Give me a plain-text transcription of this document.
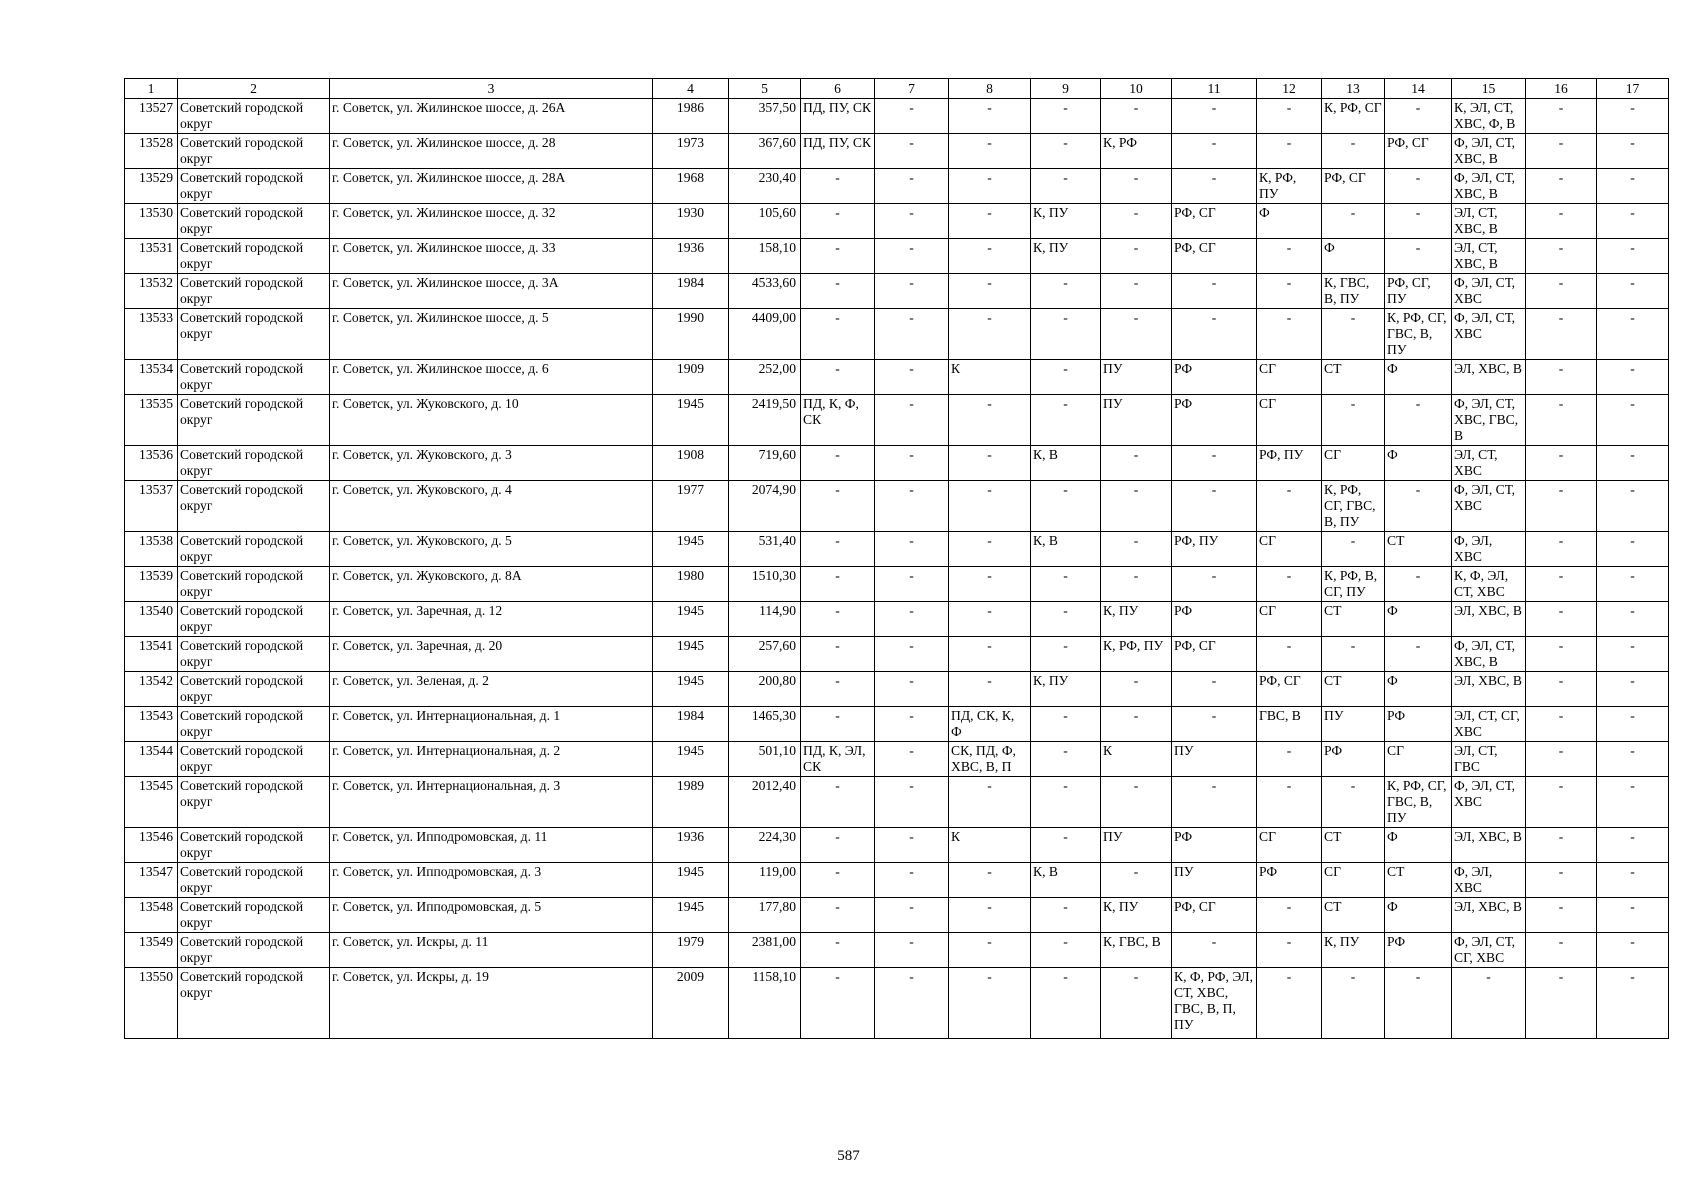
1	2	3	4	5	6	7	8	9	10	11	12	13	14	15	16	17
13527	Советский городской округ	г. Советск, ул. Жилинское шоссе, д. 26А	1986	357,50	ПД, ПУ, СК	-	-	-	-	-	-	К, РФ, СГ	-	К, ЭЛ, СТ, ХВС, Ф, В	-	-
13528	Советский городской округ	г. Советск, ул. Жилинское шоссе, д. 28	1973	367,60	ПД, ПУ, СК	-	-	-	К, РФ	-	-	-	РФ, СГ	Ф, ЭЛ, СТ, ХВС, В	-	-
13529	Советский городской округ	г. Советск, ул. Жилинское шоссе, д. 28А	1968	230,40	-	-	-	-	-	-	К, РФ, ПУ	РФ, СГ	-	Ф, ЭЛ, СТ, ХВС, В	-	-
13530	Советский городской округ	г. Советск, ул. Жилинское шоссе, д. 32	1930	105,60	-	-	-	К, ПУ	-	РФ, СГ	Ф	-	-	ЭЛ, СТ, ХВС, В	-	-
13531	Советский городской округ	г. Советск, ул. Жилинское шоссе, д. 33	1936	158,10	-	-	-	К, ПУ	-	РФ, СГ	-	Ф	-	ЭЛ, СТ, ХВС, В	-	-
13532	Советский городской округ	г. Советск, ул. Жилинское шоссе, д. 3А	1984	4533,60	-	-	-	-	-	-	-	К, ГВС, В, ПУ	РФ, СГ, ПУ	Ф, ЭЛ, СТ, ХВС	-	-
13533	Советский городской округ	г. Советск, ул. Жилинское шоссе, д. 5	1990	4409,00	-	-	-	-	-	-	-	-	К, РФ, СГ, ГВС, В, ПУ	Ф, ЭЛ, СТ, ХВС	-	-
13534	Советский городской округ	г. Советск, ул. Жилинское шоссе, д. 6	1909	252,00	-	-	К	-	ПУ	РФ	СГ	СТ	Ф	ЭЛ, ХВС, В	-	-
13535	Советский городской округ	г. Советск, ул. Жуковского, д. 10	1945	2419,50	ПД, К, Ф, СК	-	-	-	ПУ	РФ	СГ	-	-	Ф, ЭЛ, СТ, ХВС, ГВС, В	-	-
13536	Советский городской округ	г. Советск, ул. Жуковского, д. 3	1908	719,60	-	-	-	К, В	-	-	РФ, ПУ	СГ	Ф	ЭЛ, СТ, ХВС	-	-
13537	Советский городской округ	г. Советск, ул. Жуковского, д. 4	1977	2074,90	-	-	-	-	-	-	-	К, РФ, СГ, ГВС, В, ПУ	-	Ф, ЭЛ, СТ, ХВС	-	-
13538	Советский городской округ	г. Советск, ул. Жуковского, д. 5	1945	531,40	-	-	-	К, В	-	РФ, ПУ	СГ	-	СТ	Ф, ЭЛ, ХВС	-	-
13539	Советский городской округ	г. Советск, ул. Жуковского, д. 8А	1980	1510,30	-	-	-	-	-	-	-	К, РФ, В, СГ, ПУ	-	К, Ф, ЭЛ, СТ, ХВС	-	-
13540	Советский городской округ	г. Советск, ул. Заречная, д. 12	1945	114,90	-	-	-	-	К, ПУ	РФ	СГ	СТ	Ф	ЭЛ, ХВС, В	-	-
13541	Советский городской округ	г. Советск, ул. Заречная, д. 20	1945	257,60	-	-	-	-	К, РФ, ПУ	РФ, СГ	-	-	-	Ф, ЭЛ, СТ, ХВС, В	-	-
13542	Советский городской округ	г. Советск, ул. Зеленая, д. 2	1945	200,80	-	-	-	К, ПУ	-	-	РФ, СГ	СТ	Ф	ЭЛ, ХВС, В	-	-
13543	Советский городской округ	г. Советск, ул. Интернациональная, д. 1	1984	1465,30	-	-	ПД, СК, К, Ф	-	-	-	ГВС, В	ПУ	РФ	ЭЛ, СТ, СГ, ХВС	-	-
13544	Советский городской округ	г. Советск, ул. Интернациональная, д. 2	1945	501,10	ПД, К, ЭЛ, СК	-	СК, ПД, Ф, ХВС, В, П	-	К	ПУ	-	РФ	СГ	ЭЛ, СТ, ГВС	-	-
13545	Советский городской округ	г. Советск, ул. Интернациональная, д. 3	1989	2012,40	-	-	-	-	-	-	-	-	К, РФ, СГ, ГВС, В, ПУ	Ф, ЭЛ, СТ, ХВС	-	-
13546	Советский городской округ	г. Советск, ул. Ипподромовская, д. 11	1936	224,30	-	-	К	-	ПУ	РФ	СГ	СТ	Ф	ЭЛ, ХВС, В	-	-
13547	Советский городской округ	г. Советск, ул. Ипподромовская, д. 3	1945	119,00	-	-	-	К, В	-	ПУ	РФ	СГ	СТ	Ф, ЭЛ, ХВС	-	-
13548	Советский городской округ	г. Советск, ул. Ипподромовская, д. 5	1945	177,80	-	-	-	-	К, ПУ	РФ, СГ	-	СТ	Ф	ЭЛ, ХВС, В	-	-
13549	Советский городской округ	г. Советск, ул. Искры, д. 11	1979	2381,00	-	-	-	-	К, ГВС, В	-	-	К, ПУ	РФ	Ф, ЭЛ, СТ, СГ, ХВС	-	-
13550	Советский городской округ	г. Советск, ул. Искры, д. 19	2009	1158,10	-	-	-	-	-	К, Ф, РФ, ЭЛ, СТ, ХВС, ГВС, В, П, ПУ	-	-	-	-	-	-
587
